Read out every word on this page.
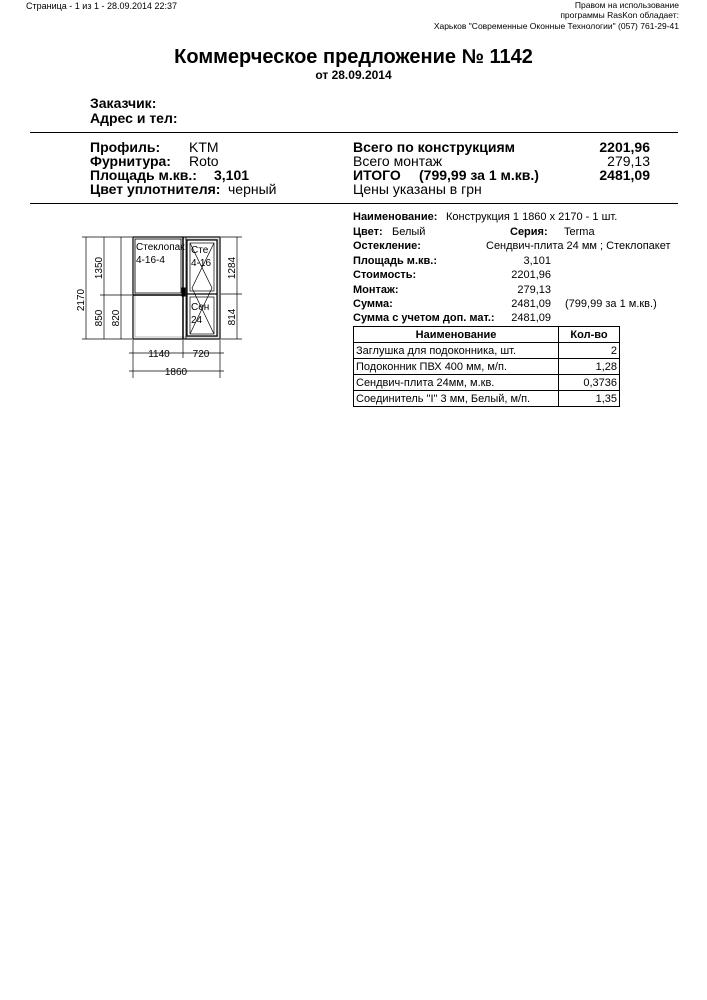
Страница - 1 из 1 - 28.09.2014 22:37	Правом на использование
программы RasKon обладает:
Харьков "Современные Оконные Технологии" (057) 761-29-41
Коммерческое предложение № 1142
от 28.09.2014
Заказчик:
Адрес и тел:
Профиль: KTM
Фурнитура: Roto
Площадь м.кв.: 3,101
Цвет уплотнителя: черный
Всего по конструкциям	2201,96
Всего монтаж	279,13
ИТОГО (799,99 за 1 м.кв.)	2481,09
Цены указаны в грн
Стеклопак
4-16-4
Сте
4-16
Сен
24
2170
1350
850 820
1284
814
1140 720
1860
Наименование: Конструкция 1 1860 x 2170 - 1 шт.
Цвет: Белый	Серия: Terma
Остекление:	Сендвич-плита 24 мм ; Стеклопакет
Площадь м.кв.:	3,101
Стоимость:	2201,96
Монтаж:	279,13
Сумма:	2481,09 (799,99 за 1 м.кв.)
Сумма с учетом доп. мат.: 2481,09
Наименование	Кол-во
Заглушка для подоконника, шт.	2
Подоконник ПВХ 400 мм, м/п.	1,28
Сендвич-плита 24мм, м.кв.	0,3736
Соединитель "I" 3 мм, Белый, м/п.	1,35
